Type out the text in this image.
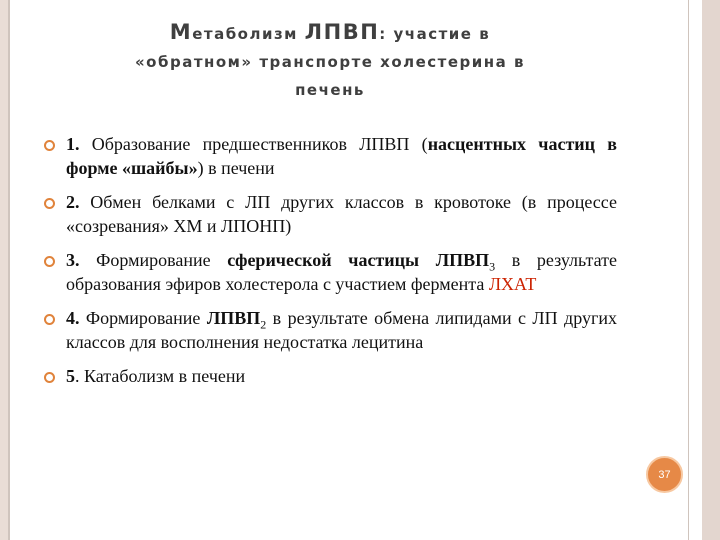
Метаболизм ЛПВП: участие в
«обратном» транспорте холестерина в
печень
1. Образование предшественников ЛПВП (насцентных частиц в форме «шайбы») в печени
2. Обмен белками с ЛП других классов в кровотоке (в процессе «созревания» ХМ и ЛПОНП)
3. Формирование сферической частицы $ЛПВП_3$ в результате образования эфиров холестерола с участием фермента ЛХАТ
4. Формирование $ЛПВП_2$ в результате обмена липидами с ЛП других классов для восполнения недостатка лецитина
5. Катаболизм в печени
37
